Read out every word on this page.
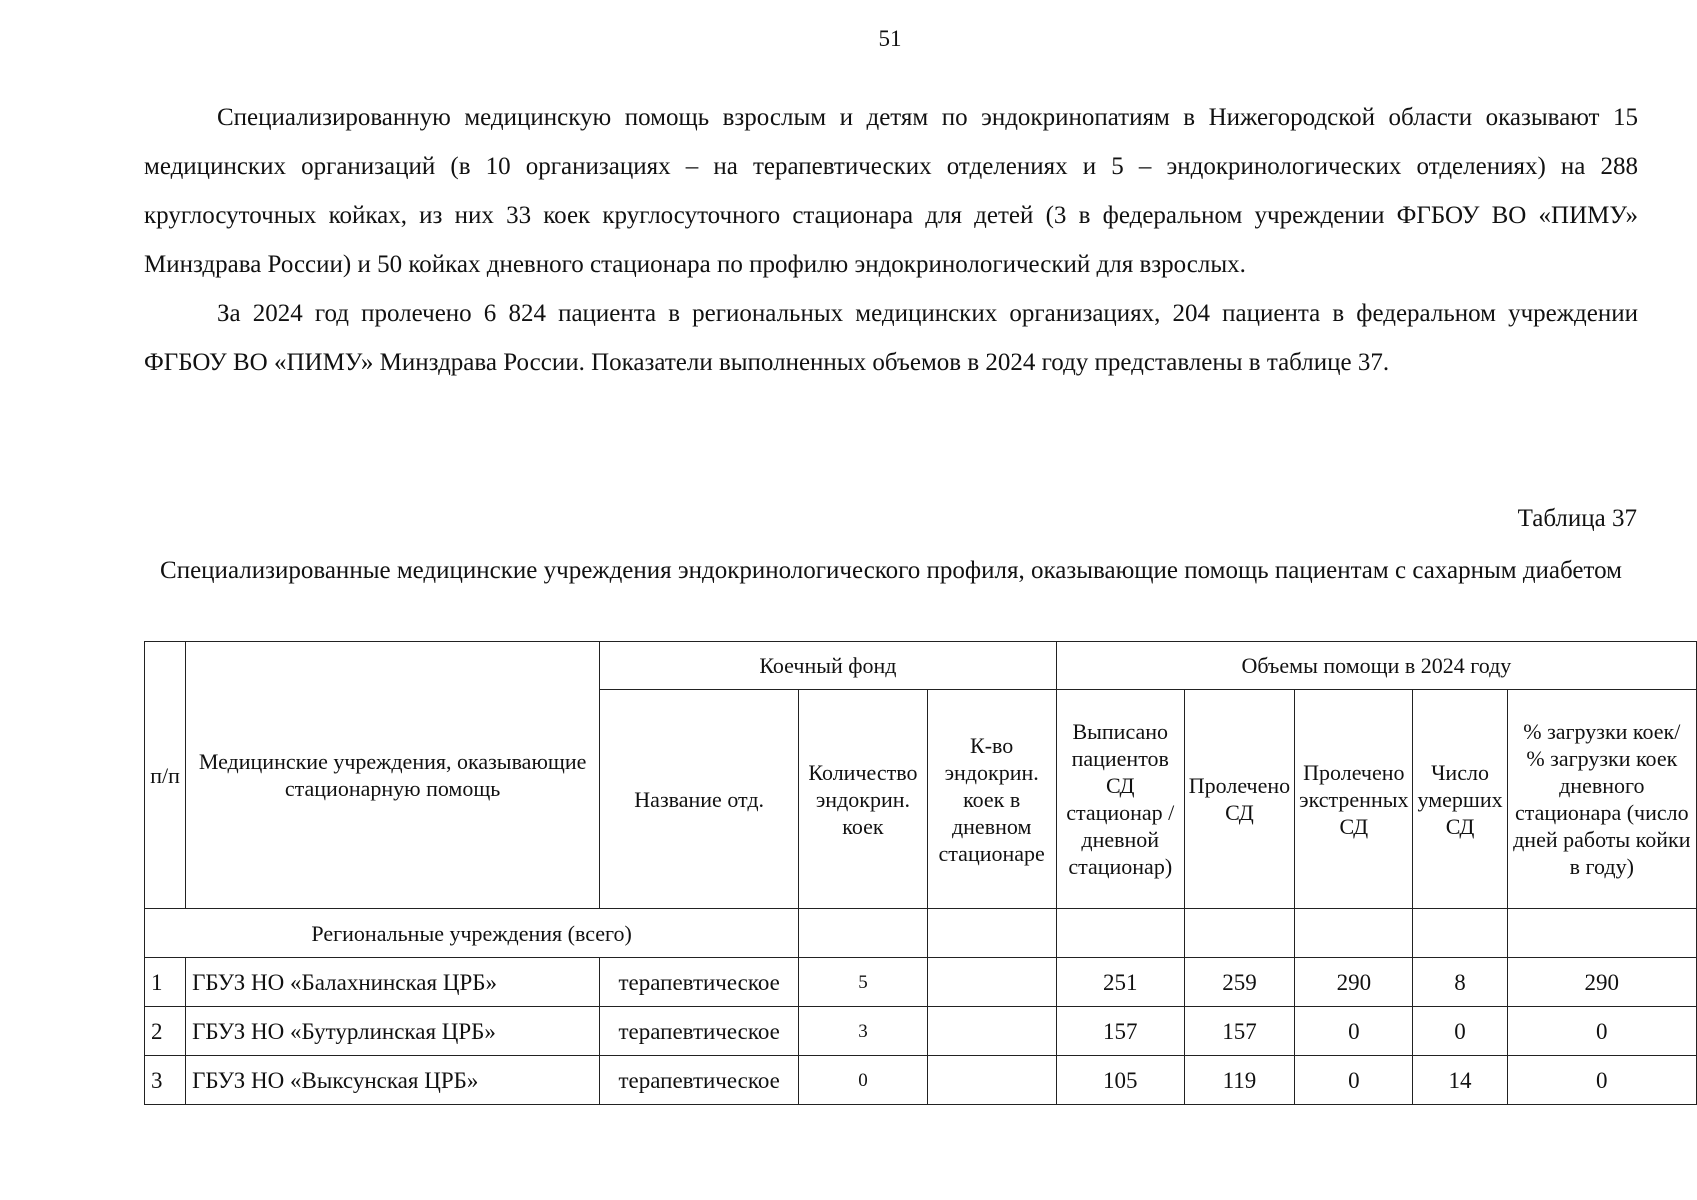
51

Специализированную медицинскую помощь взрослым и детям по эндокринопатиям в Нижегородской области оказывают 15 медицинских организаций (в 10 организациях – на терапевтических отделениях и 5 – эндокринологических отделениях) на 288 круглосуточных койках, из них 33 коек круглосуточного стационара для детей (3 в федеральном учреждении ФГБОУ ВО «ПИМУ» Минздрава России) и 50 койках дневного стационара по профилю эндокринологический для взрослых.

За 2024 год пролечено 6 824 пациента в региональных медицинских организациях, 204 пациента в федеральном учреждении ФГБОУ ВО «ПИМУ» Минздрава России. Показатели выполненных объемов в 2024 году представлены в таблице 37.

Таблица 37
Специализированные медицинские учреждения эндокринологического профиля, оказывающие помощь пациентам с сахарным диабетом
п/п	Медицинские учреждения, оказывающие стационарную помощь	Коечный фонд			Объемы помощи в 2024 году				
		Название отд.	Количество эндокрин. коек	К-во эндокрин. коек в дневном стационаре	Выписано пациентов СД стационар /дневной стационар)	Пролечено СД	Пролечено экстренных СД	Число умерших СД	% загрузки коек/ % загрузки коек дневного стационара (число дней работы койки в году)
Региональные учреждения (всего)									
1	ГБУЗ НО «Балахнинская ЦРБ»	терапевтическое	5		251	259	290	8	290
2	ГБУЗ НО «Бутурлинская ЦРБ»	терапевтическое	3		157	157	0	0	0
3	ГБУЗ НО «Выксунская ЦРБ»	терапевтическое	0		105	119	0	14	0
